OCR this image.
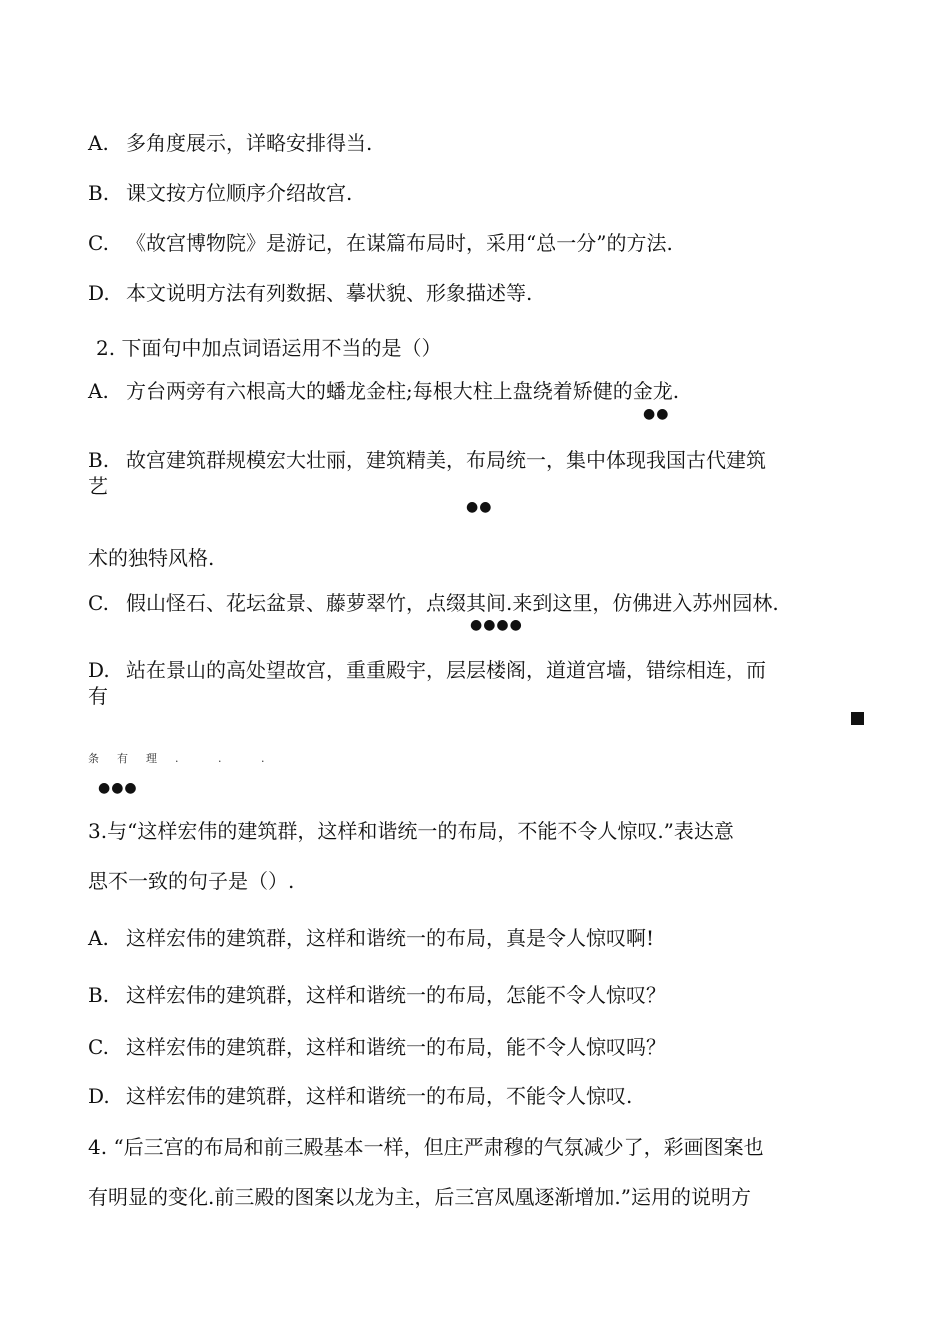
A. 多角度展示，详略安排得当.
B. 课文按方位顺序介绍故宫.
C. 《故宫博物院》是游记，在谋篇布局时，采用“总一分”的方法.
D. 本文说明方法有列数据、摹状貌、形象描述等.
2. 下面句中加点词语运用不当的是（）
A. 方台两旁有六根高大的蟠龙金柱;每根大柱上盘绕着矫健的金龙.
●●
B. 故宫建筑群规模宏大壮丽，建筑精美，布局统一，集中体现我国古代建筑
艺
●●
术的独特风格.
C. 假山怪石、花坛盆景、藤萝翠竹，点缀其间.来到这里，仿佛进入苏州园林.
●●●●
D. 站在景山的高处望故宫，重重殿宇，层层楼阁，道道宫墙，错综相连，而
有
条有理. . .
●●●
3.与“这样宏伟的建筑群，这样和谐统一的布局，不能不令人惊叹.”表达意
思不一致的句子是（）.
A. 这样宏伟的建筑群，这样和谐统一的布局，真是令人惊叹啊!
B. 这样宏伟的建筑群，这样和谐统一的布局，怎能不令人惊叹？
C. 这样宏伟的建筑群，这样和谐统一的布局，能不令人惊叹吗？
D. 这样宏伟的建筑群，这样和谐统一的布局，不能令人惊叹.
4. “后三宫的布局和前三殿基本一样，但庄严肃穆的气氛减少了，彩画图案也
有明显的变化.前三殿的图案以龙为主，后三宫凤凰逐渐增加.”运用的说明方
